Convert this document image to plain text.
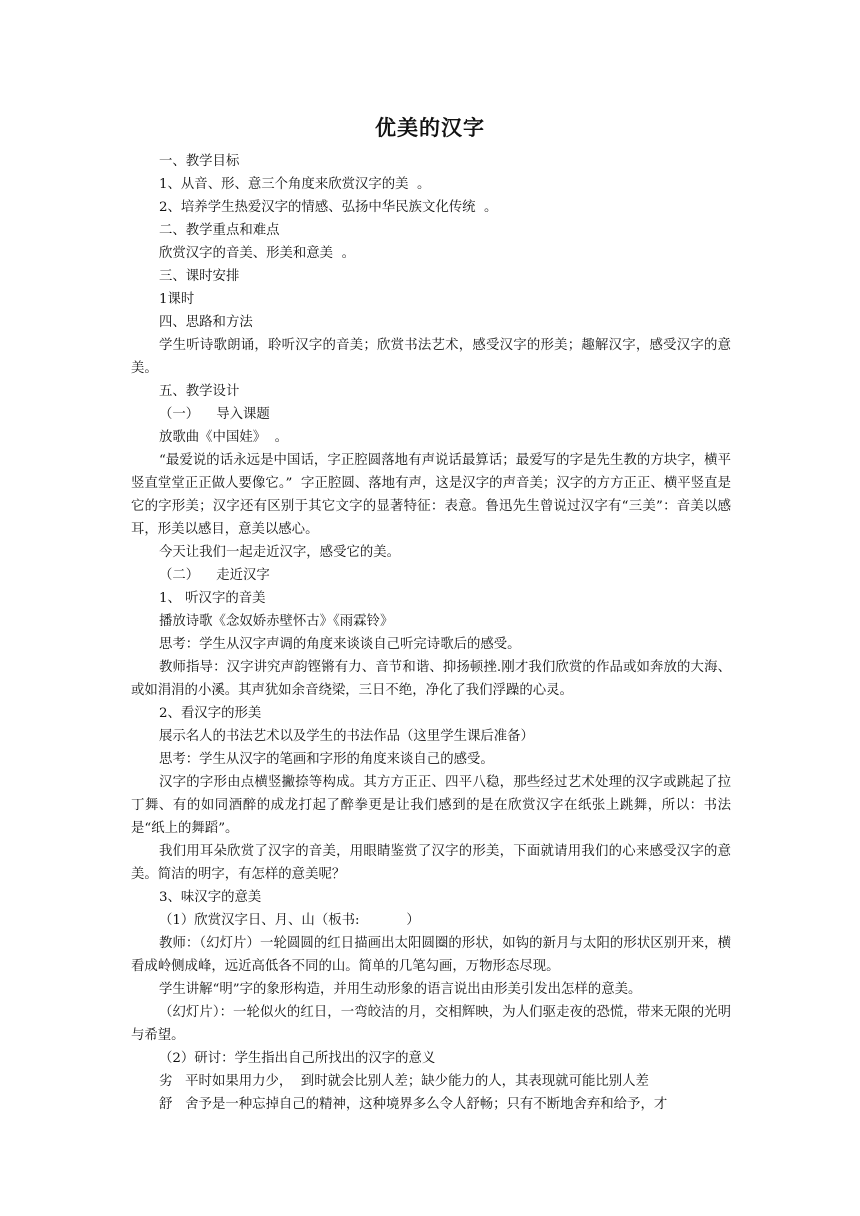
优美的汉字

一、教学目标

1、从音、形、意三个角度来欣赏汉字的美  。

2、培养学生热爱汉字的情感、弘扬中华民族文化传统  。

二、教学重点和难点

欣赏汉字的音美、形美和意美  。

三、课时安排

1课时

四、思路和方法

学生听诗歌朗诵，聆听汉字的音美；欣赏书法艺术，感受汉字的形美；趣解汉字，感受汉字的意美。

五、教学设计

（一）    导入课题

放歌曲《中国娃》  。

“最爱说的话永远是中国话，字正腔圆落地有声说话最算话；最爱写的字是先生教的方块字，横平竖直堂堂正正做人要像它。”  字正腔圆、落地有声，这是汉字的声音美；汉字的方方正正、横平竖直是它的字形美；汉字还有区别于其它文字的显著特征：表意。鲁迅先生曾说过汉字有“三美”：音美以感耳，形美以感目，意美以感心。

今天让我们一起走近汉字，感受它的美。

（二）    走近汉字

1、 听汉字的音美

播放诗歌《念奴娇赤壁怀古》《雨霖铃》

思考：学生从汉字声调的角度来谈谈自己听完诗歌后的感受。

教师指导：汉字讲究声韵铿锵有力、音节和谐、抑扬顿挫.刚才我们欣赏的作品或如奔放的大海、或如涓涓的小溪。其声犹如余音绕梁，三日不绝，净化了我们浮躁的心灵。

2、看汉字的形美

展示名人的书法艺术以及学生的书法作品（这里学生课后准备）

思考：学生从汉字的笔画和字形的角度来谈自己的感受。

汉字的字形由点横竖撇捺等构成。其方方正正、四平八稳，那些经过艺术处理的汉字或跳起了拉丁舞、有的如同酒醉的成龙打起了醉拳更是让我们感到的是在欣赏汉字在纸张上跳舞，所以：书法是“纸上的舞蹈”。

我们用耳朵欣赏了汉字的音美，用眼睛鉴赏了汉字的形美，下面就请用我们的心来感受汉字的意美。简洁的明字，有怎样的意美呢？

3、味汉字的意美

（1）欣赏汉字日、月、山（板书:           ）

教师：（幻灯片）一轮圆圆的红日描画出太阳圆圈的形状，如钩的新月与太阳的形状区别开来，横看成岭侧成峰，远近高低各不同的山。简单的几笔勾画，万物形态尽现。

学生讲解“明”字的象形构造，并用生动形象的语言说出由形美引发出怎样的意美。

（幻灯片）：一轮似火的红日，一弯皎洁的月，交相辉映，为人们驱走夜的恐慌，带来无限的光明与希望。

（2）研讨：学生指出自己所找出的汉字的意义

劣   平时如果用力少，  到时就会比别人差；缺少能力的人，其表现就可能比别人差

舒   舍予是一种忘掉自己的精神，这种境界多么令人舒畅；只有不断地舍弃和给予，才
